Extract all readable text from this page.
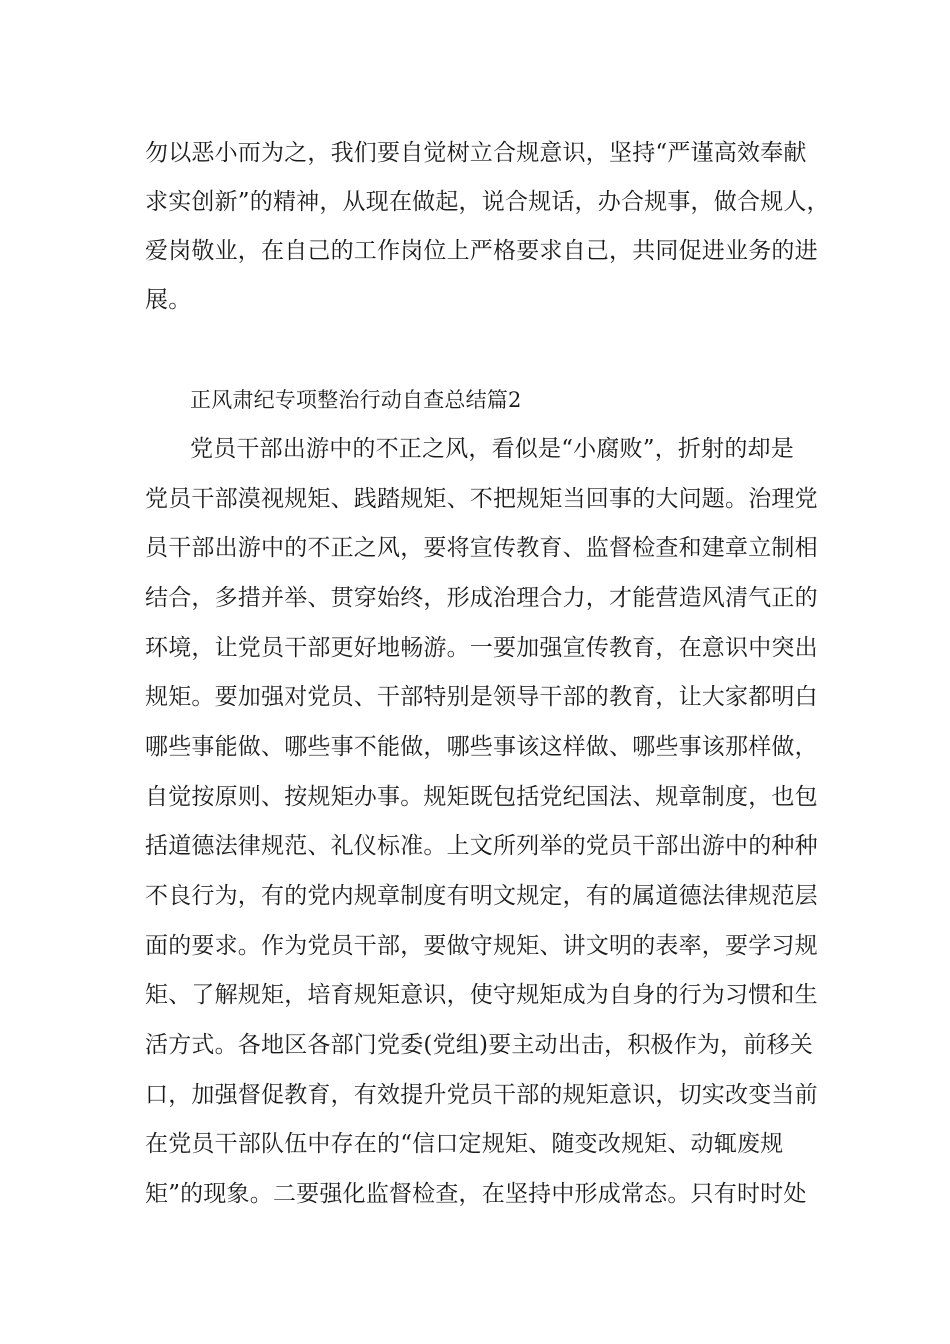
勿以恶小而为之，我们要自觉树立合规意识，坚持“严谨高效奉献
求实创新”的精神，从现在做起，说合规话，办合规事，做合规人，
爱岗敬业，在自己的工作岗位上严格要求自己，共同促进业务的进
展。
正风肃纪专项整治行动自查总结篇2
党员干部出游中的不正之风，看似是“小腐败”，折射的却是
党员干部漠视规矩、践踏规矩、不把规矩当回事的大问题。治理党
员干部出游中的不正之风，要将宣传教育、监督检查和建章立制相
结合，多措并举、贯穿始终，形成治理合力，才能营造风清气正的
环境，让党员干部更好地畅游。一要加强宣传教育，在意识中突出
规矩。要加强对党员、干部特别是领导干部的教育，让大家都明白
哪些事能做、哪些事不能做，哪些事该这样做、哪些事该那样做，
自觉按原则、按规矩办事。规矩既包括党纪国法、规章制度，也包
括道德法律规范、礼仪标准。上文所列举的党员干部出游中的种种
不良行为，有的党内规章制度有明文规定，有的属道德法律规范层
面的要求。作为党员干部，要做守规矩、讲文明的表率，要学习规
矩、了解规矩，培育规矩意识，使守规矩成为自身的行为习惯和生
活方式。各地区各部门党委(党组)要主动出击，积极作为，前移关
口，加强督促教育，有效提升党员干部的规矩意识，切实改变当前
在党员干部队伍中存在的“信口定规矩、随变改规矩、动辄废规
矩”的现象。二要强化监督检查，在坚持中形成常态。只有时时处
